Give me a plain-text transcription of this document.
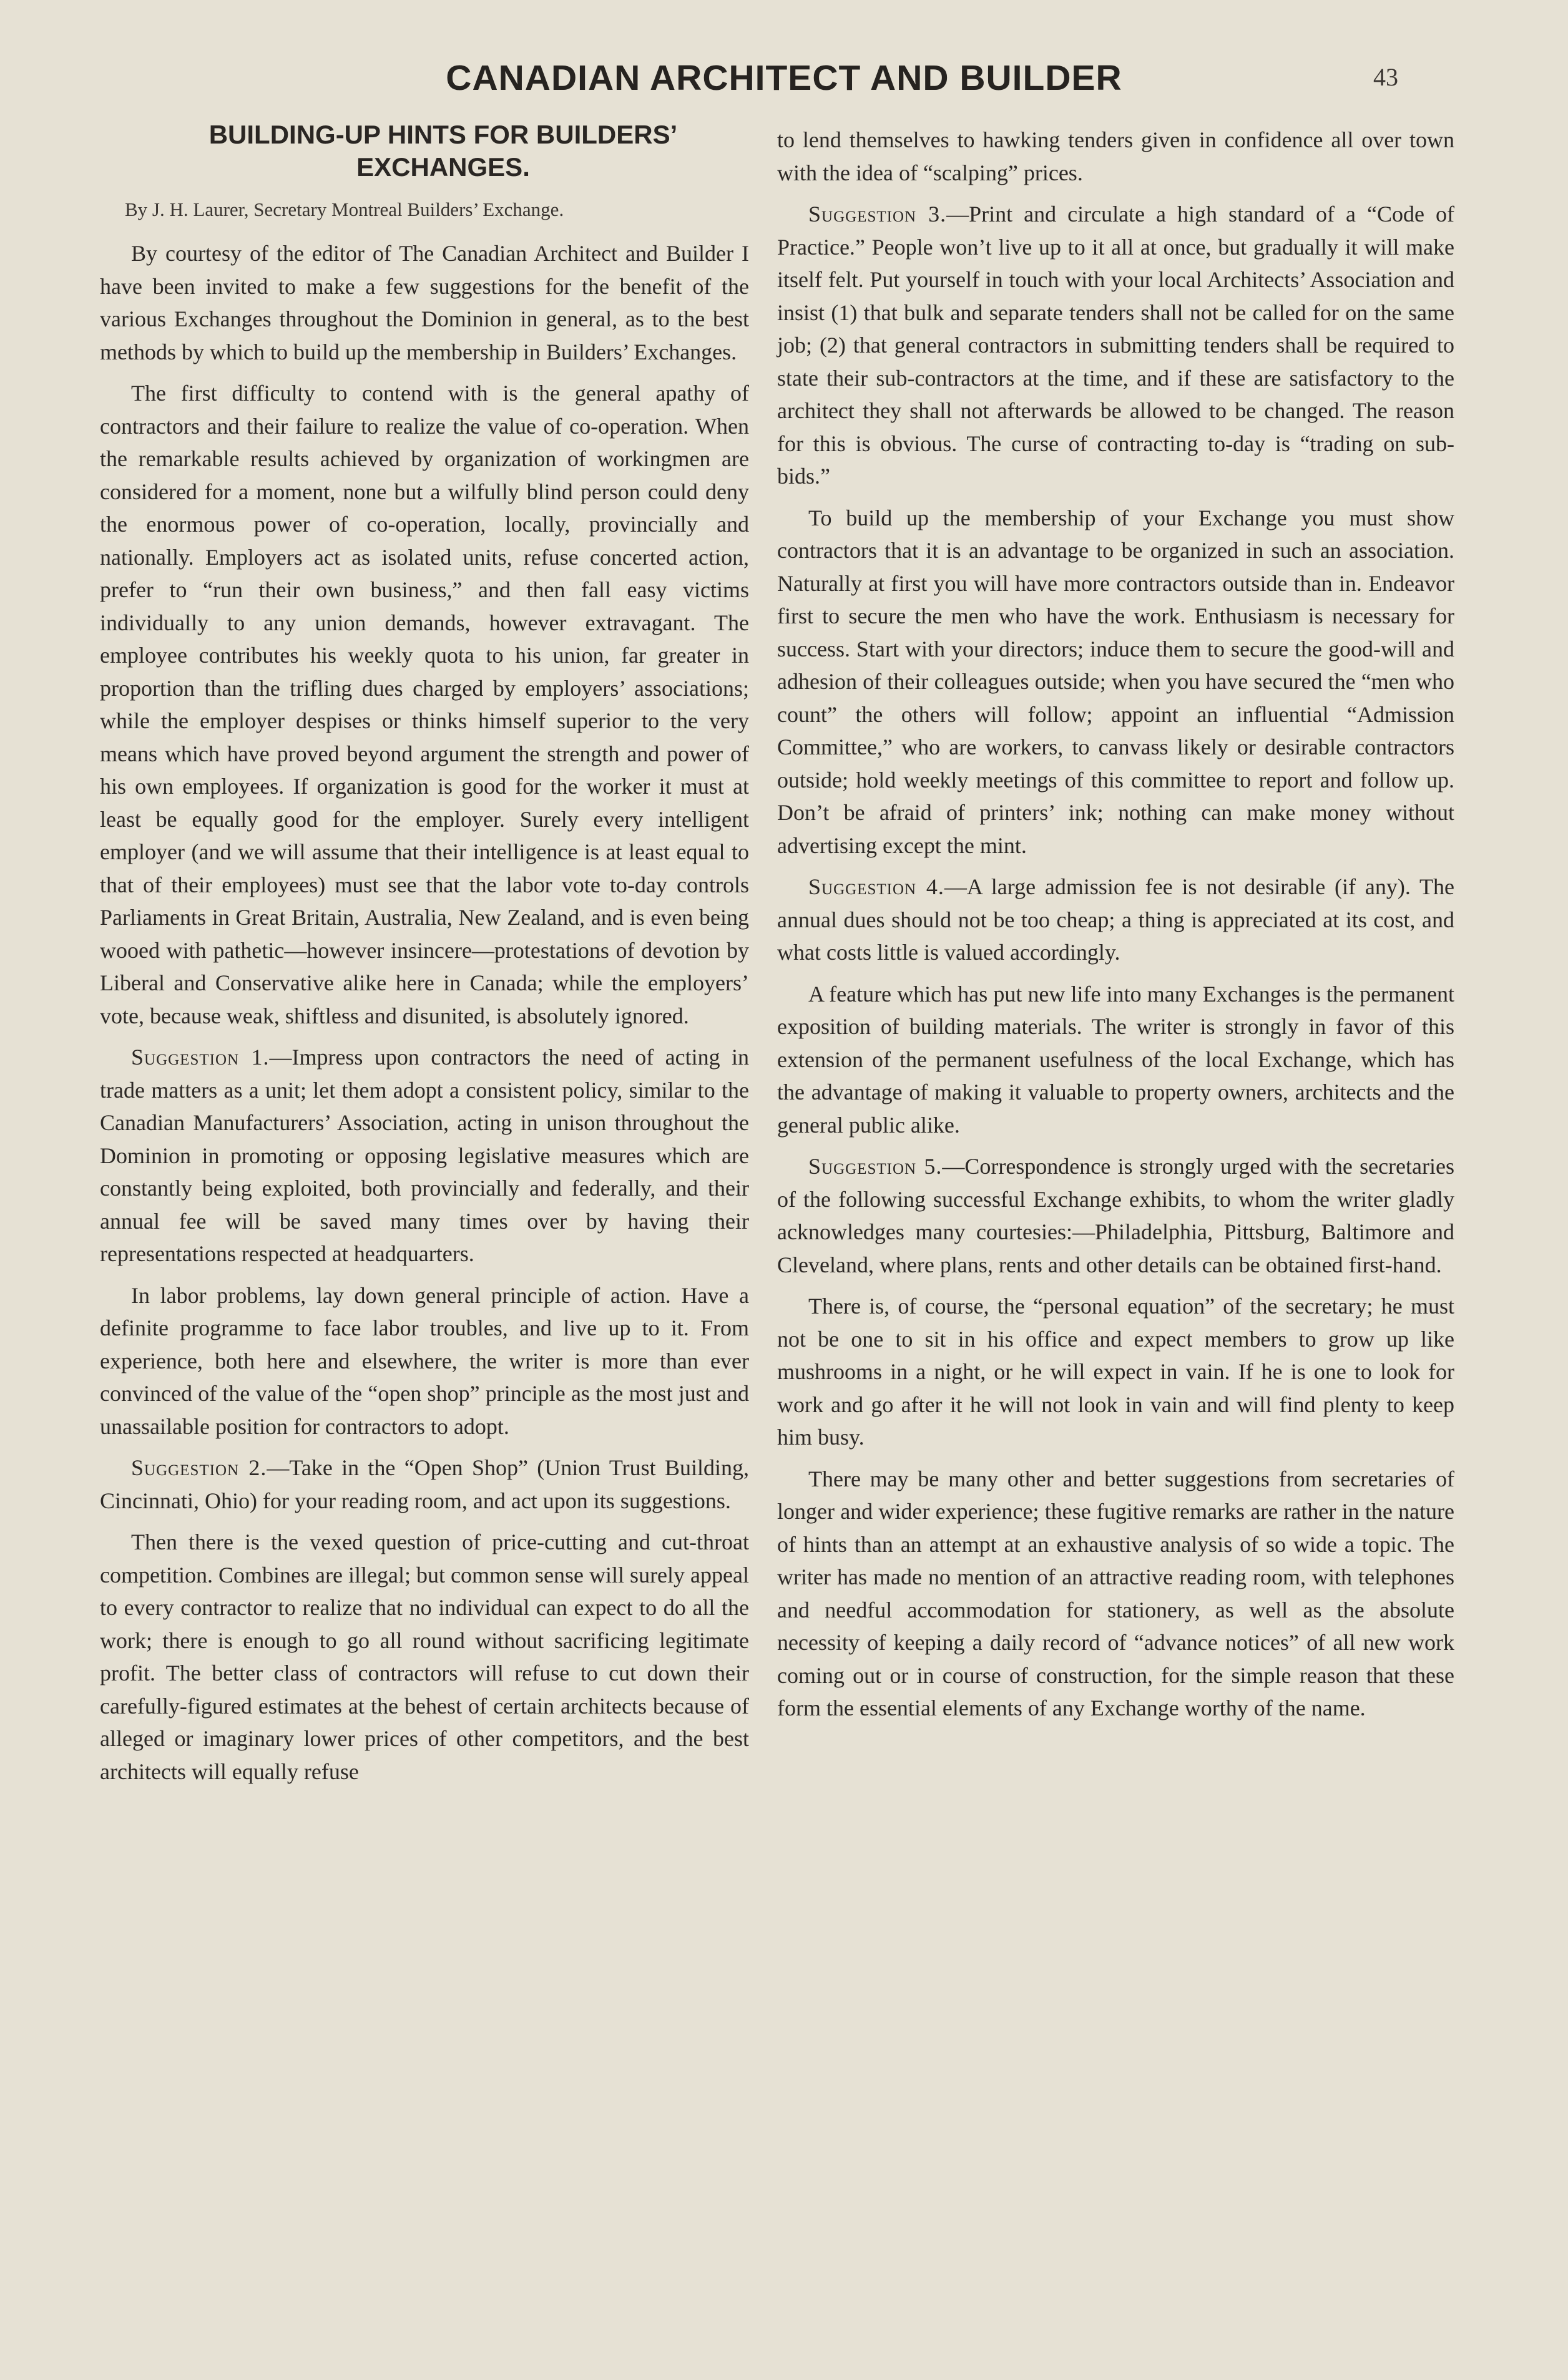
CANADIAN ARCHITECT AND BUILDER	43
BUILDING-UP HINTS FOR BUILDERS’
EXCHANGES.
By J. H. Laurer, Secretary Montreal Builders’ Exchange.

By courtesy of the editor of The Canadian Architect and Builder I have been invited to make a few suggestions for the benefit of the various Exchanges throughout the Dominion in general, as to the best methods by which to build up the membership in Builders’ Exchanges.

The first difficulty to contend with is the general apathy of contractors and their failure to realize the value of co-operation. When the remarkable results achieved by organization of workingmen are considered for a moment, none but a wilfully blind person could deny the enormous power of co-operation, locally, provincially and nationally. Employers act as isolated units, refuse concerted action, prefer to “run their own business,” and then fall easy victims individually to any union demands, however extravagant. The employee contributes his weekly quota to his union, far greater in proportion than the trifling dues charged by employers’ associations; while the employer despises or thinks himself superior to the very means which have proved beyond argument the strength and power of his own employees. If organization is good for the worker it must at least be equally good for the employer. Surely every intelligent employer (and we will assume that their intelligence is at least equal to that of their employees) must see that the labor vote to-day controls Parliaments in Great Britain, Australia, New Zealand, and is even being wooed with pathetic—however insincere—protestations of devotion by Liberal and Conservative alike here in Canada; while the employers’ vote, because weak, shiftless and disunited, is absolutely ignored.

Suggestion 1.—Impress upon contractors the need of acting in trade matters as a unit; let them adopt a consistent policy, similar to the Canadian Manufacturers’ Association, acting in unison throughout the Dominion in promoting or opposing legislative measures which are constantly being exploited, both provincially and federally, and their annual fee will be saved many times over by having their representations respected at headquarters.

In labor problems, lay down general principle of action. Have a definite programme to face labor troubles, and live up to it. From experience, both here and elsewhere, the writer is more than ever convinced of the value of the “open shop” principle as the most just and unassailable position for contractors to adopt.

Suggestion 2.—Take in the “Open Shop” (Union Trust Building, Cincinnati, Ohio) for your reading room, and act upon its suggestions.

Then there is the vexed question of price-cutting and cut-throat competition. Combines are illegal; but common sense will surely appeal to every contractor to realize that no individual can expect to do all the work; there is enough to go all round without sacrificing legitimate profit. The better class of contractors will refuse to cut down their carefully-figured estimates at the behest of certain architects because of alleged or imaginary lower prices of other competitors, and the best architects will equally refuse

to lend themselves to hawking tenders given in confidence all over town with the idea of “scalping” prices.

Suggestion 3.—Print and circulate a high standard of a “Code of Practice.” People won’t live up to it all at once, but gradually it will make itself felt. Put yourself in touch with your local Architects’ Association and insist (1) that bulk and separate tenders shall not be called for on the same job; (2) that general contractors in submitting tenders shall be required to state their sub-contractors at the time, and if these are satisfactory to the architect they shall not afterwards be allowed to be changed. The reason for this is obvious. The curse of contracting to-day is “trading on sub-bids.”

To build up the membership of your Exchange you must show contractors that it is an advantage to be organized in such an association. Naturally at first you will have more contractors outside than in. Endeavor first to secure the men who have the work. Enthusiasm is necessary for success. Start with your directors; induce them to secure the good-will and adhesion of their colleagues outside; when you have secured the “men who count” the others will follow; appoint an influential “Admission Committee,” who are workers, to canvass likely or desirable contractors outside; hold weekly meetings of this committee to report and follow up. Don’t be afraid of printers’ ink; nothing can make money without advertising except the mint.

Suggestion 4.—A large admission fee is not desirable (if any). The annual dues should not be too cheap; a thing is appreciated at its cost, and what costs little is valued accordingly.

A feature which has put new life into many Exchanges is the permanent exposition of building materials. The writer is strongly in favor of this extension of the permanent usefulness of the local Exchange, which has the advantage of making it valuable to property owners, architects and the general public alike.

Suggestion 5.—Correspondence is strongly urged with the secretaries of the following successful Exchange exhibits, to whom the writer gladly acknowledges many courtesies:—Philadelphia, Pittsburg, Baltimore and Cleveland, where plans, rents and other details can be obtained first-hand.

There is, of course, the “personal equation” of the secretary; he must not be one to sit in his office and expect members to grow up like mushrooms in a night, or he will expect in vain. If he is one to look for work and go after it he will not look in vain and will find plenty to keep him busy.

There may be many other and better suggestions from secretaries of longer and wider experience; these fugitive remarks are rather in the nature of hints than an attempt at an exhaustive analysis of so wide a topic. The writer has made no mention of an attractive reading room, with telephones and needful accommodation for stationery, as well as the absolute necessity of keeping a daily record of “advance notices” of all new work coming out or in course of construction, for the simple reason that these form the essential elements of any Exchange worthy of the name.
